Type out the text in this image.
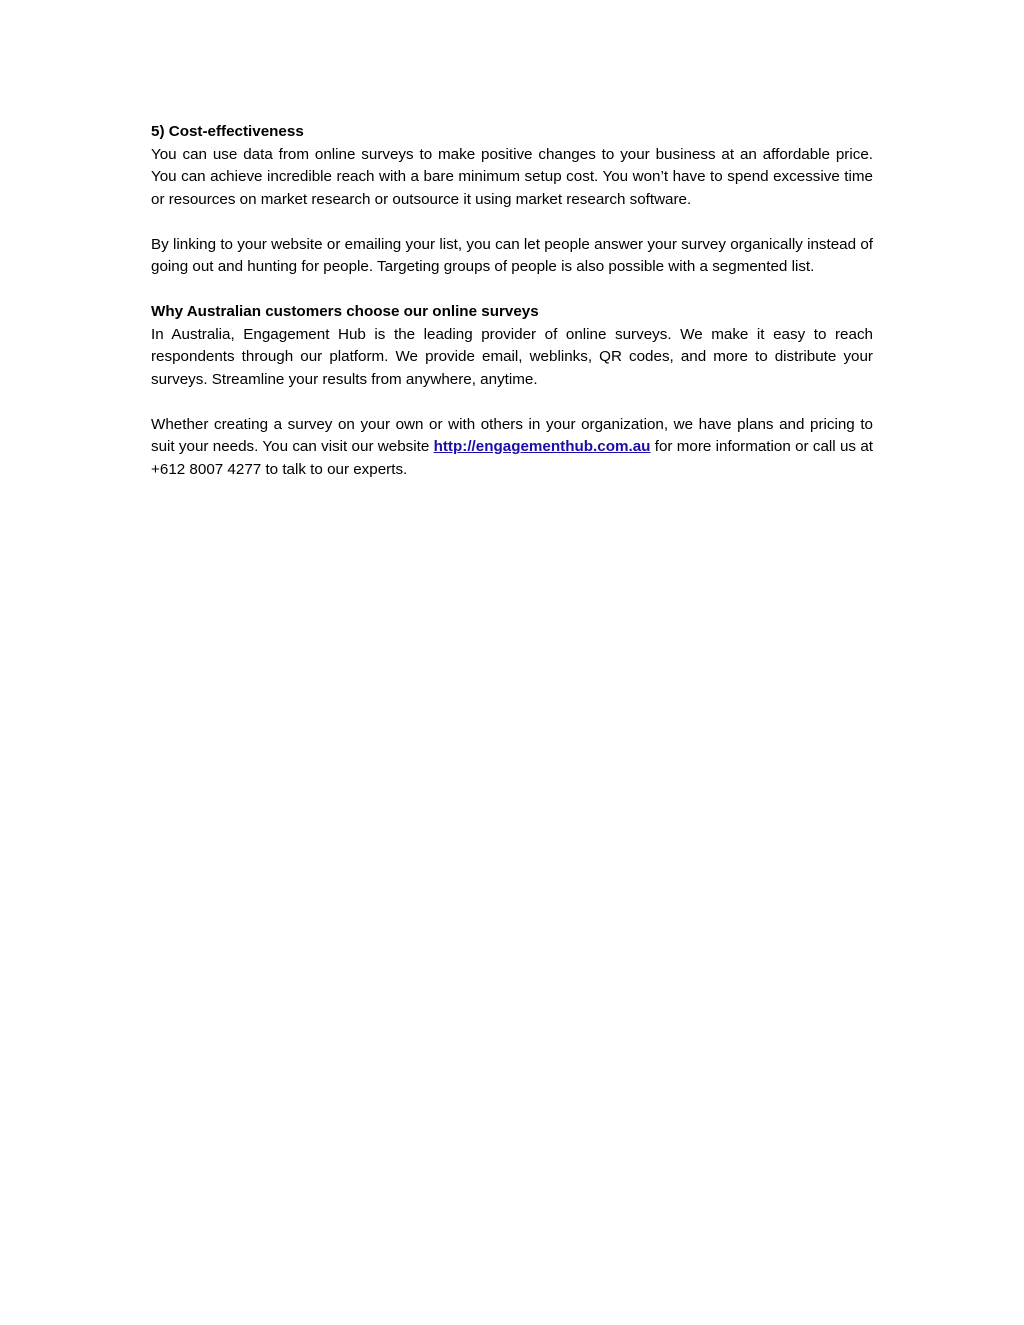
5) Cost-effectiveness

You can use data from online surveys to make positive changes to your business at an affordable price. You can achieve incredible reach with a bare minimum setup cost. You won’t have to spend excessive time or resources on market research or outsource it using market research software.

By linking to your website or emailing your list, you can let people answer your survey organically instead of going out and hunting for people. Targeting groups of people is also possible with a segmented list.

Why Australian customers choose our online surveys

In Australia, Engagement Hub is the leading provider of online surveys. We make it easy to reach respondents through our platform. We provide email, weblinks, QR codes, and more to distribute your surveys. Streamline your results from anywhere, anytime.

Whether creating a survey on your own or with others in your organization, we have plans and pricing to suit your needs. You can visit our website http://engagementhub.com.au for more information or call us at +612 8007 4277 to talk to our experts.
